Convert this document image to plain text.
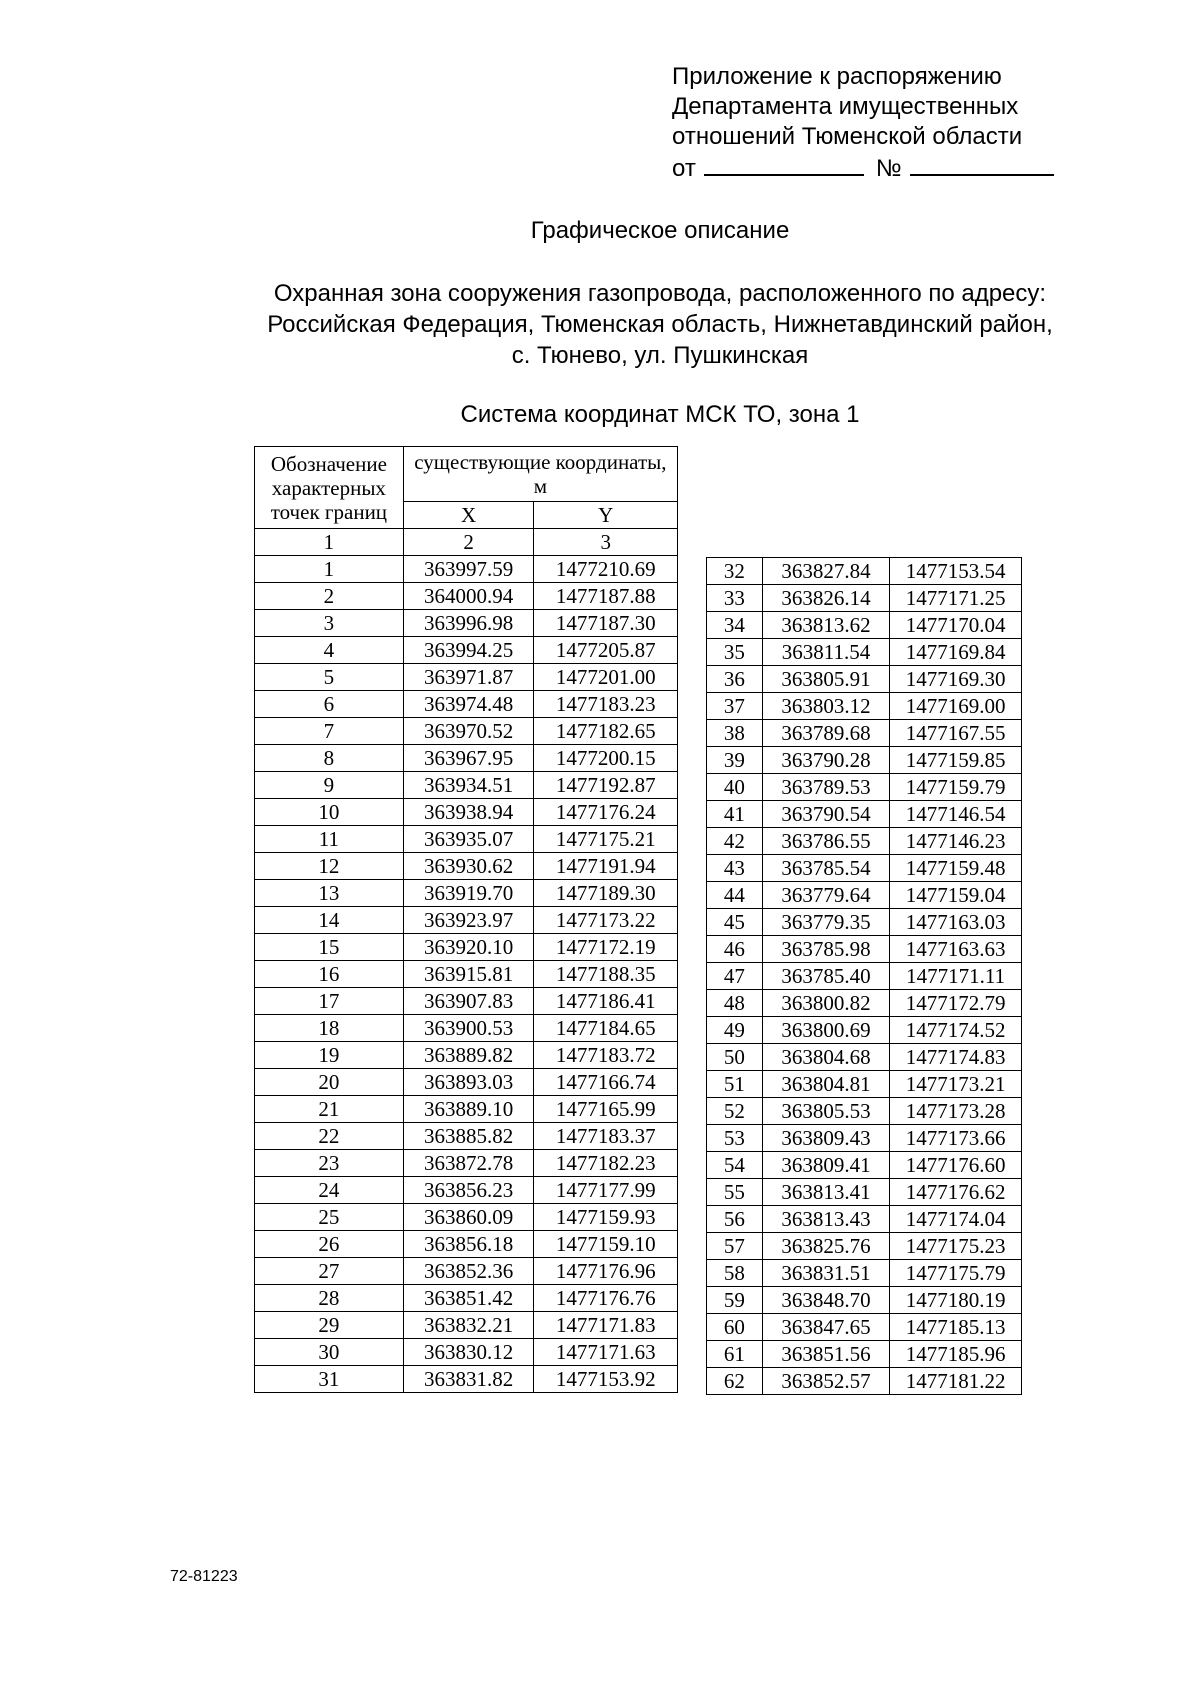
Приложение к распоряжению
Департамента имущественных
отношений Тюменской области
от	№
Графическое описание
Охранная зона сооружения газопровода, расположенного по адресу:
Российская Федерация, Тюменская область, Нижнетавдинский район,
с. Тюнево, ул. Пушкинская
Система координат МСК ТО, зона 1
Обозначение характерных точек границ	существующие координаты, м	
	X	Y
1	2	3
1	363997.59	1477210.69
2	364000.94	1477187.88
3	363996.98	1477187.30
4	363994.25	1477205.87
5	363971.87	1477201.00
6	363974.48	1477183.23
7	363970.52	1477182.65
8	363967.95	1477200.15
9	363934.51	1477192.87
10	363938.94	1477176.24
11	363935.07	1477175.21
12	363930.62	1477191.94
13	363919.70	1477189.30
14	363923.97	1477173.22
15	363920.10	1477172.19
16	363915.81	1477188.35
17	363907.83	1477186.41
18	363900.53	1477184.65
19	363889.82	1477183.72
20	363893.03	1477166.74
21	363889.10	1477165.99
22	363885.82	1477183.37
23	363872.78	1477182.23
24	363856.23	1477177.99
25	363860.09	1477159.93
26	363856.18	1477159.10
27	363852.36	1477176.96
28	363851.42	1477176.76
29	363832.21	1477171.83
30	363830.12	1477171.63
31	363831.82	1477153.92
32	363827.84	1477153.54
33	363826.14	1477171.25
34	363813.62	1477170.04
35	363811.54	1477169.84
36	363805.91	1477169.30
37	363803.12	1477169.00
38	363789.68	1477167.55
39	363790.28	1477159.85
40	363789.53	1477159.79
41	363790.54	1477146.54
42	363786.55	1477146.23
43	363785.54	1477159.48
44	363779.64	1477159.04
45	363779.35	1477163.03
46	363785.98	1477163.63
47	363785.40	1477171.11
48	363800.82	1477172.79
49	363800.69	1477174.52
50	363804.68	1477174.83
51	363804.81	1477173.21
52	363805.53	1477173.28
53	363809.43	1477173.66
54	363809.41	1477176.60
55	363813.41	1477176.62
56	363813.43	1477174.04
57	363825.76	1477175.23
58	363831.51	1477175.79
59	363848.70	1477180.19
60	363847.65	1477185.13
61	363851.56	1477185.96
62	363852.57	1477181.22
72-81223
